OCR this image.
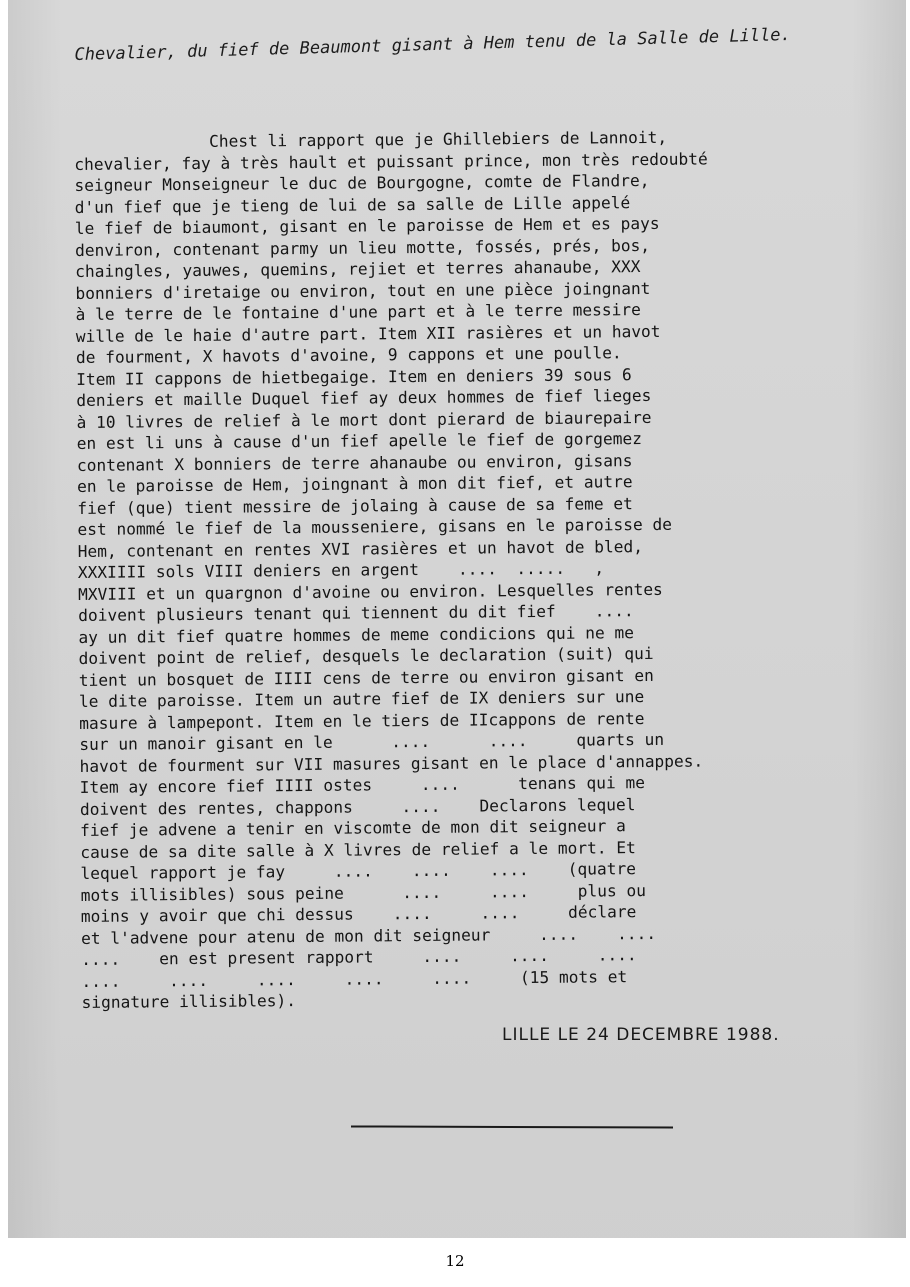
Chevalier, du fief de Beaumont gisant à Hem tenu de la Salle de Lille.
Chest li rapport que je Ghillebiers de Lannoit,
chevalier, fay à très hault et puissant prince, mon très redoubté
seigneur Monseigneur le duc de Bourgogne, comte de Flandre,
d'un fief que je tieng de lui de sa salle de Lille appelé
le fief de biaumont, gisant en le paroisse de Hem et es pays
denviron, contenant parmy un lieu motte, fossés, prés, bos,
chaingles, yauwes, quemins, rejiet et terres ahanaube, XXX
bonniers d'iretaige ou environ, tout en une pièce joingnant
à le terre de le fontaine d'une part et à le terre messire
wille de le haie d'autre part. Item XII rasières et un havot
de fourment, X havots d'avoine, 9 cappons et une poulle.
Item II cappons de hietbegaige. Item en deniers 39 sous 6
deniers et maille Duquel fief ay deux hommes de fief lieges
à 10 livres de relief à le mort dont pierard de biaurepaire
en est li uns à cause d'un fief apelle le fief de gorgemez
contenant X bonniers de terre ahanaube ou environ, gisans
en le paroisse de Hem, joingnant à mon dit fief, et autre
fief (que) tient messire de jolaing à cause de sa feme et
est nommé le fief de la mousseniere, gisans en le paroisse de
Hem, contenant en rentes XVI rasières et un havot de bled,
XXXIIII sols VIII deniers en argent    ....  .....   ,
MXVIII et un quargnon d'avoine ou environ. Lesquelles rentes
doivent plusieurs tenant qui tiennent du dit fief    ....
ay un dit fief quatre hommes de meme condicions qui ne me
doivent point de relief, desquels le declaration (suit) qui
tient un bosquet de IIII cens de terre ou environ gisant en
le dite paroisse. Item un autre fief de IX deniers sur une
masure à lampepont. Item en le tiers de IIcappons de rente
sur un manoir gisant en le      ....      ....     quarts un
havot de fourment sur VII masures gisant en le place d'annappes.
Item ay encore fief IIII ostes     ....      tenans qui me
doivent des rentes, chappons     ....    Declarons lequel
fief je advene a tenir en viscomte de mon dit seigneur a
cause de sa dite salle à X livres de relief a le mort. Et
lequel rapport je fay     ....    ....    ....    (quatre
mots illisibles) sous peine      ....     ....     plus ou
moins y avoir que chi dessus    ....     ....     déclare
et l'advene pour atenu de mon dit seigneur     ....    ....
....    en est present rapport     ....     ....     ....
....     ....     ....     ....     ....     (15 mots et
signature illisibles).
LILLE LE 24 DECEMBRE 1988.
12
